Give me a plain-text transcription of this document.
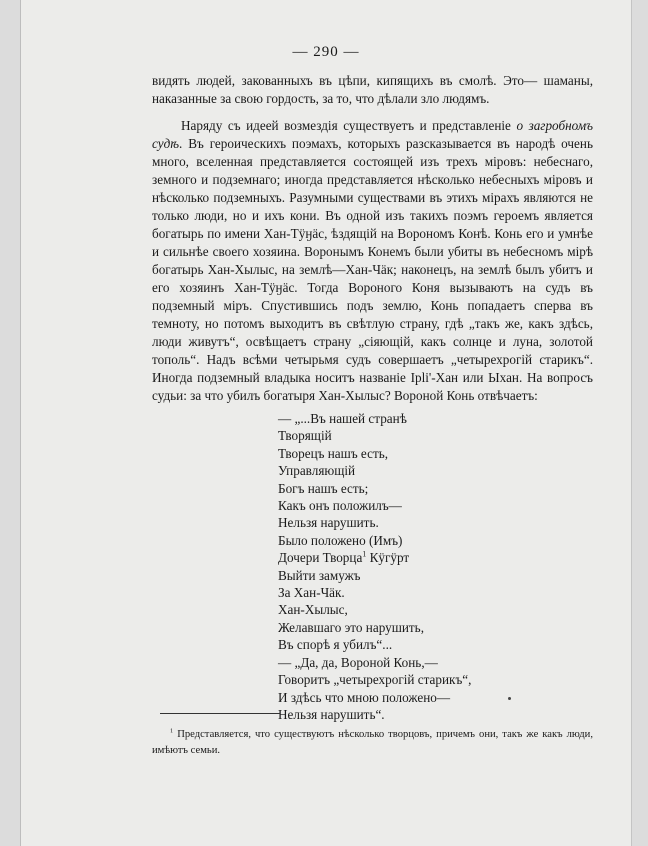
— 290 —

видять людей, закованныхъ въ цѣпи, кипящихъ въ смолѣ. Это— шаманы, наказанные за свою гордость, за то, что дѣлали зло людямъ.

Наряду съ идеей возмездія существуетъ и представленіе о загробномъ судѣ. Въ героическихъ поэмахъ, которыхъ разсказывается въ народѣ очень много, вселенная представляется состоящей изъ трехъ міровъ: небеснаго, земного и подземнаго; иногда представляется нѣсколько небесныхъ міровъ и нѣсколько подземныхъ. Разумными существами въ этихъ мірахъ являются не только люди, но и ихъ кони. Въ одной изъ такихъ поэмъ героемъ является богатырь по имени Хан-Тӱӈäс, ѣздящій на Ворономъ Конѣ. Конь его и умнѣе и сильнѣе своего хозяина. Воронымъ Конемъ были убиты въ небесномъ мірѣ богатырь Хан-Хылыс, на землѣ—Хан-Чäк; наконецъ, на землѣ былъ убитъ и его хозяинъ Хан-Тӱӈäс. Тогда Вороного Коня вызываютъ на судъ въ подземный міръ. Спустившись подъ землю, Конь попадаетъ сперва въ темноту, но потомъ выходитъ въ свѣтлую страну, гдѣ „такъ же, какъ здѣсь, люди живутъ“, освѣщаетъ страну „сіяющій, какъ солнце и луна, золотой тополь“. Надъ всѣми четырьмя судъ совершаетъ „четырехрогій старикъ“. Иногда подземный владыка носитъ названіе Ірlі'-Хан или Ыхан. На вопросъ судьи: за что убилъ богатыря Хан-Хылыс? Вороной Конь отвѣчаетъ:

— „...Въ нашей странѣ
Творящій
Творецъ нашъ есть,
Управляющій
Богъ нашъ есть;
Какъ онъ положилъ—
Нельзя нарушить.
Было положено (Имъ)
Дочери Творца$^1$ Кӱгӱрт
Выйти замужъ
За Хан-Чäк.
Хан-Хылыс,
Желавшаго это нарушить,
Въ спорѣ я убилъ“...
— „Да, да, Вороной Конь,—
Говоритъ „четырехрогій старикъ“,
И здѣсь что мною положено—
Нельзя нарушить“.
$^1$ Представляется, что существуютъ нѣсколько творцовъ, причемъ они, такъ же какъ люди, имѣютъ семьи.
